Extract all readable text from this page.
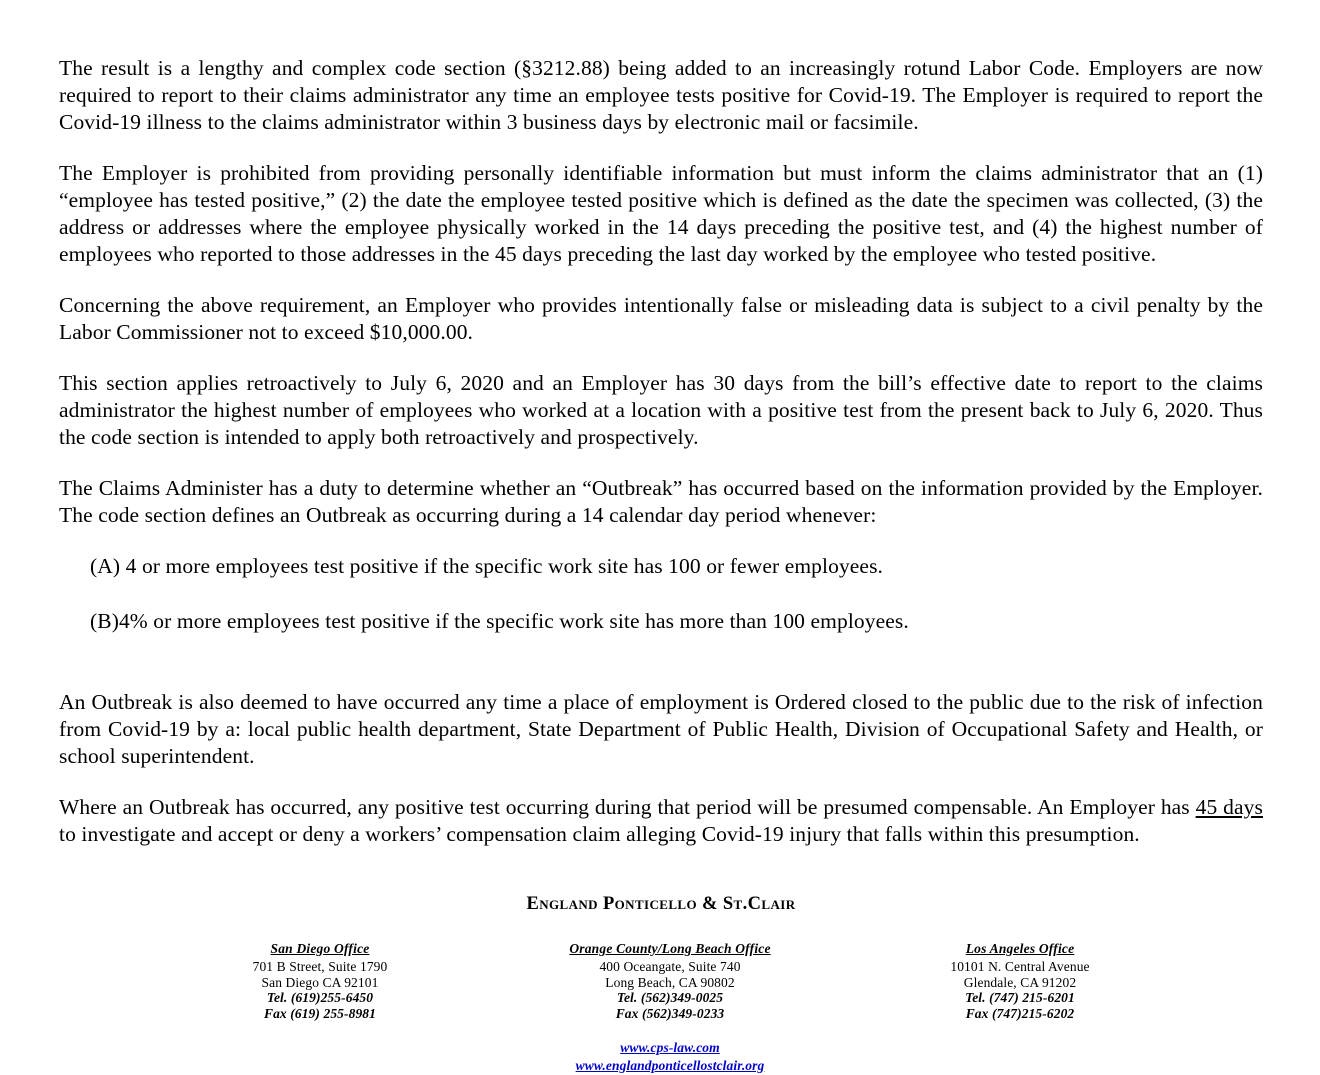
The result is a lengthy and complex code section (§3212.88) being added to an increasingly rotund Labor Code. Employers are now required to report to their claims administrator any time an employee tests positive for Covid-19. The Employer is required to report the Covid-19 illness to the claims administrator within 3 business days by electronic mail or facsimile.

The Employer is prohibited from providing personally identifiable information but must inform the claims administrator that an (1) “employee has tested positive,” (2) the date the employee tested positive which is defined as the date the specimen was collected, (3) the address or addresses where the employee physically worked in the 14 days preceding the positive test, and (4) the highest number of employees who reported to those addresses in the 45 days preceding the last day worked by the employee who tested positive.

Concerning the above requirement, an Employer who provides intentionally false or misleading data is subject to a civil penalty by the Labor Commissioner not to exceed $10,000.00.

This section applies retroactively to July 6, 2020 and an Employer has 30 days from the bill’s effective date to report to the claims administrator the highest number of employees who worked at a location with a positive test from the present back to July 6, 2020. Thus the code section is intended to apply both retroactively and prospectively.

The Claims Administer has a duty to determine whether an “Outbreak” has occurred based on the information provided by the Employer. The code section defines an Outbreak as occurring during a 14 calendar day period whenever:

(A) 4 or more employees test positive if the specific work site has 100 or fewer employees.

(B)4% or more employees test positive if the specific work site has more than 100 employees.

An Outbreak is also deemed to have occurred any time a place of employment is Ordered closed to the public due to the risk of infection from Covid-19 by a: local public health department, State Department of Public Health, Division of Occupational Safety and Health, or school superintendent.

Where an Outbreak has occurred, any positive test occurring during that period will be presumed compensable. An Employer has 45 days to investigate and accept or deny a workers’ compensation claim alleging Covid-19 injury that falls within this presumption.

England Ponticello & St.Clair
San Diego Office
701 B Street, Suite 1790
San Diego CA 92101
Tel. (619)255-6450
Fax (619) 255-8981
Orange County/Long Beach Office
400 Oceangate, Suite 740
Long Beach, CA 90802
Tel. (562)349-0025
Fax (562)349-0233
Los Angeles Office
10101 N. Central Avenue
Glendale, CA 91202
Tel. (747) 215-6201
Fax (747)215-6202
www.cps-law.com
www.englandponticellostclair.org
